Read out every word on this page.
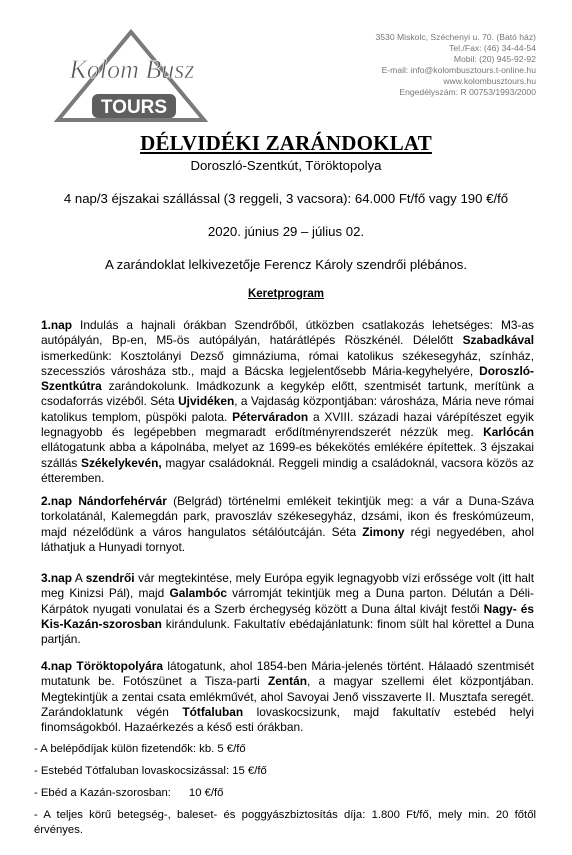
Kolom Busz
TOURS
3530 Miskolc, Széchenyi u. 70. (Bató ház)
Tel./Fax: (46) 34-44-54
Mobil: (20) 945-92-92
E-mail: info@kolombusztours.t-online.hu
www.kolombusztours.hu
Engedélyszám: R 00753/1993/2000
DÉLVIDÉKI ZARÁNDOKLAT
Doroszló-Szentkút, Töröktopolya
4 nap/3 éjszakai szállással (3 reggeli, 3 vacsora): 64.000 Ft/fő vagy 190 €/fő
2020. június 29 – július 02.
A zarándoklat lelkivezetője Ferencz Károly szendrői plébános.
Keretprogram
1.nap Indulás a hajnali órákban Szendrőből, útközben csatlakozás lehetséges: M3-as autópályán, Bp-en, M5-ös autópályán, határátlépés Röszkénél. Délelőtt Szabadkával ismerkedünk: Kosztolányi Dezső gimnáziuma, római katolikus székesegyház, színház, szecessziós városháza stb., majd a Bácska legjelentősebb Mária-kegyhelyére, Doroszló-Szentkútra zarándokolunk. Imádkozunk a kegykép előtt, szentmisét tartunk, merítünk a csodaforrás vizéből. Séta Ujvidéken, a Vajdaság központjában: városháza, Mária neve római katolikus templom, püspöki palota. Péterváradon a XVIII. századi hazai várépítészet egyik legnagyobb és legépebben megmaradt erődítményrendszerét nézzük meg. Karlócán ellátogatunk abba a kápolnába, melyet az 1699-es békekötés emlékére építettek. 3 éjszakai szállás Székelykevén, magyar családoknál. Reggeli mindig a családoknál, vacsora közös az étteremben.
2.nap Nándorfehérvár (Belgrád) történelmi emlékeit tekintjük meg: a vár a Duna-Száva torkolatánál, Kalemegdán park, pravoszláv székesegyház, dzsámi, ikon és freskómúzeum, majd nézelődünk a város hangulatos sétálóutcáján. Séta Zimony régi negyedében, ahol láthatjuk a Hunyadi tornyot.
3.nap A szendrői vár megtekintése, mely Európa egyik legnagyobb vízi erőssége volt (itt halt meg Kinizsi Pál), majd Galambóc várromját tekintjük meg a Duna parton. Délután a Déli-Kárpátok nyugati vonulatai és a Szerb érchegység között a Duna által kivájt festői Nagy- és Kis-Kazán-szorosban kirándulunk. Fakultatív ebédajánlatunk: finom sült hal körettel a Duna partján.
4.nap Töröktopolyára látogatunk, ahol 1854-ben Mária-jelenés történt. Hálaadó szentmisét mutatunk be. Fotószünet a Tisza-parti Zentán, a magyar szellemi élet központjában. Megtekintjük a zentai csata emlékművét, ahol Savoyai Jenő visszaverte II. Musztafa seregét. Zarándoklatunk végén Tótfaluban lovaskocsizunk, majd fakultatív estebéd helyi finomságokból. Hazaérkezés a késő esti órákban.
- A belépődíjak külön fizetendők: kb. 5 €/fő
- Estebéd Tótfaluban lovaskocsizással: 15 €/fő
- Ebéd a Kazán-szorosban: 10 €/fő
- A teljes körű betegség-, baleset- és poggyászbiztosítás díja: 1.800 Ft/fő, mely min. 20 főtől érvényes.
